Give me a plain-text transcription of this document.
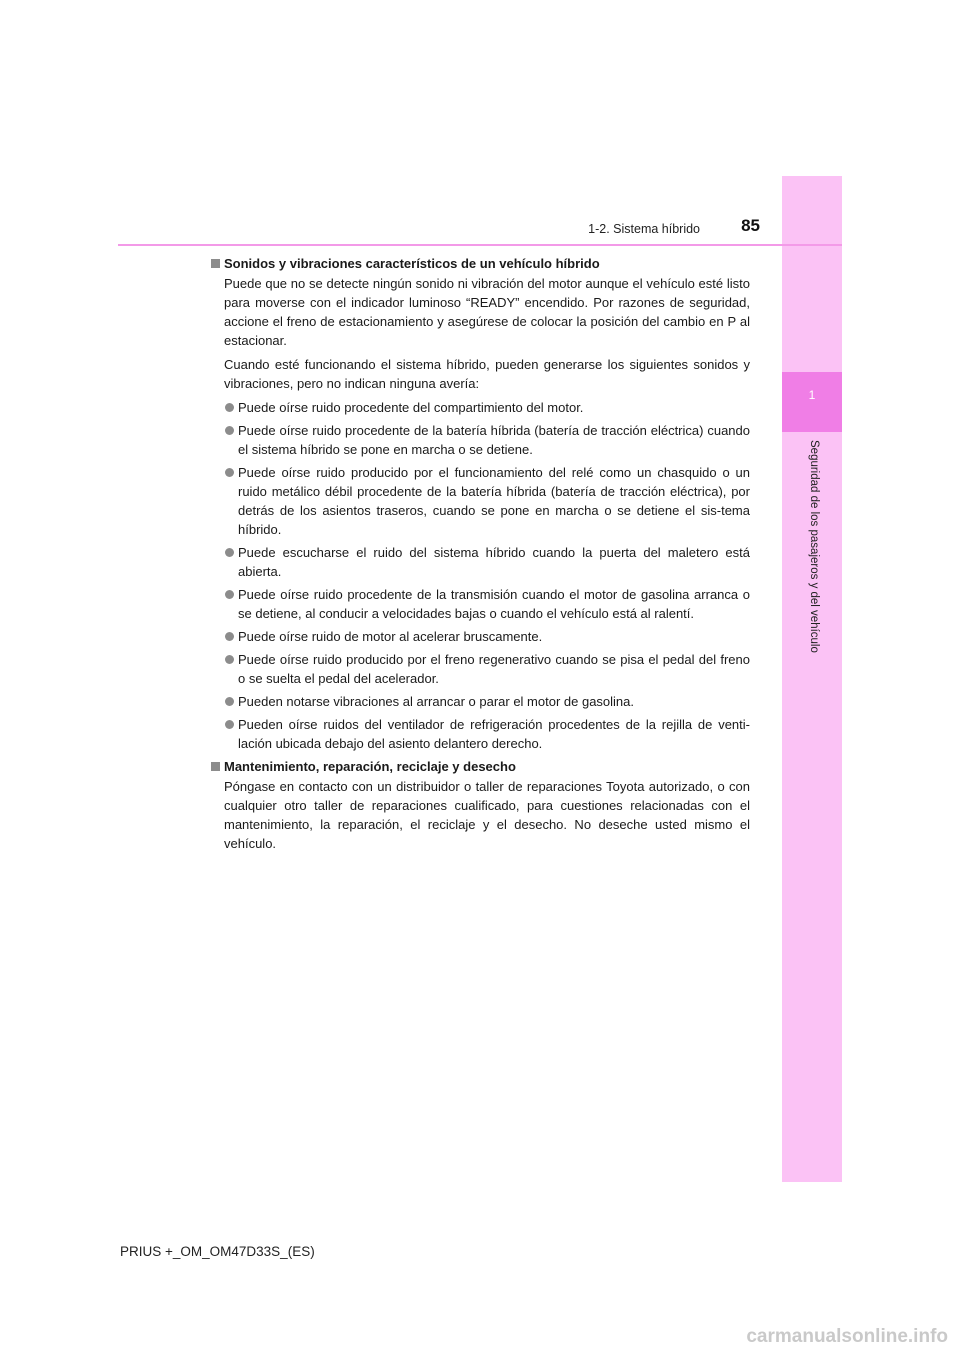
1
Seguridad de los pasajeros y del vehículo
1-2. Sistema híbrido	85

Sonidos y vibraciones característicos de un vehículo híbrido

Puede que no se detecte ningún sonido ni vibración del motor aunque el vehículo esté listo para moverse con el indicador luminoso “READY” encendido. Por razones de seguridad, accione el freno de estacionamiento y asegúrese de colocar la posición del cambio en P al estacionar.

Cuando esté funcionando el sistema híbrido, pueden generarse los siguientes sonidos y vibraciones, pero no indican ninguna avería:

Puede oírse ruido procedente del compartimiento del motor.
Puede oírse ruido procedente de la batería híbrida (batería de tracción eléctrica) cuando el sistema híbrido se pone en marcha o se detiene.
Puede oírse ruido producido por el funcionamiento del relé como un chasquido o un ruido metálico débil procedente de la batería híbrida (batería de tracción eléctrica), por detrás de los asientos traseros, cuando se pone en marcha o se detiene el sis-tema híbrido.
Puede escucharse el ruido del sistema híbrido cuando la puerta del maletero está abierta.
Puede oírse ruido procedente de la transmisión cuando el motor de gasolina arranca o se detiene, al conducir a velocidades bajas o cuando el vehículo está al ralentí.
Puede oírse ruido de motor al acelerar bruscamente.
Puede oírse ruido producido por el freno regenerativo cuando se pisa el pedal del freno o se suelta el pedal del acelerador.
Pueden notarse vibraciones al arrancar o parar el motor de gasolina.
Pueden oírse ruidos del ventilador de refrigeración procedentes de la rejilla de venti-lación ubicada debajo del asiento delantero derecho.

Mantenimiento, reparación, reciclaje y desecho

Póngase en contacto con un distribuidor o taller de reparaciones Toyota autorizado, o con cualquier otro taller de reparaciones cualificado, para cuestiones relacionadas con el mantenimiento, la reparación, el reciclaje y el desecho. No deseche usted mismo el vehículo.

PRIUS +_OM_OM47D33S_(ES)
carmanualsonline.info
